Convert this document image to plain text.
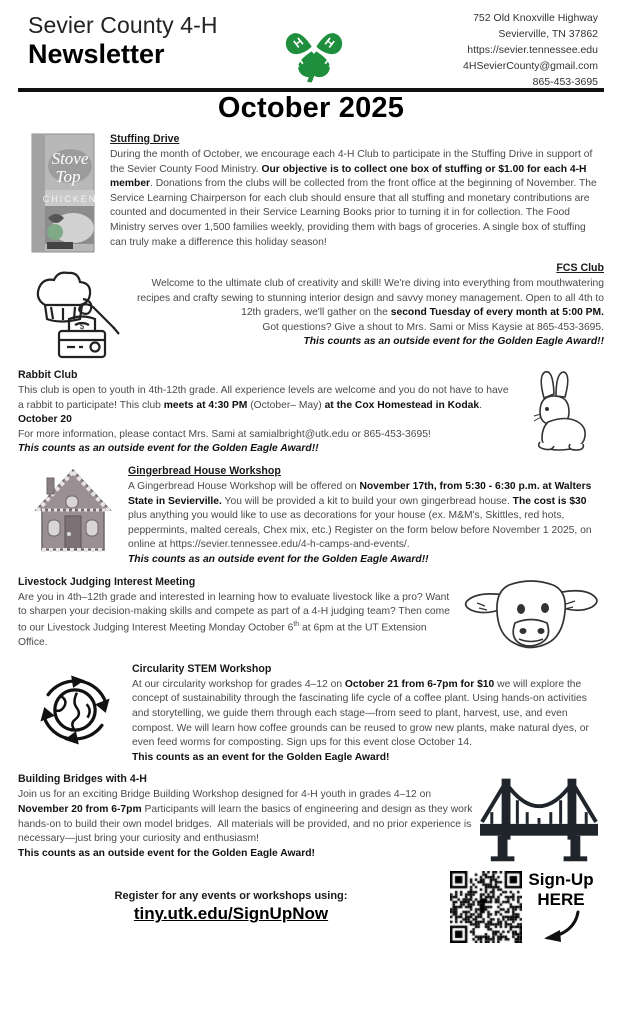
Sevier County 4-H
Newsletter	H H
H H
752 Old Knoxville Highway
Sevierville, TN 37862
https://sevier.tennessee.edu
4HSevierCounty@gmail.com
865-453-3695
October 2025
Stove
Top
CHICKEN
Stuffing Drive

During the month of October, we encourage each 4-H Club to participate in the Stuffing Drive in support of the Sevier County Food Ministry. Our objective is to collect one box of stuffing or $1.00 for each 4-H member. Donations from the clubs will be collected from the front office at the beginning of November. The Service Learning Chairperson for each club should ensure that all stuffing and monetary contributions are counted and documented in their Service Learning Books prior to turning it in for collection. The Food Ministry serves over 1,500 families weekly, providing them with bags of groceries. A single box of stuffing can truly make a difference this holiday season!

$
FCS Club

Welcome to the ultimate club of creativity and skill! We're diving into everything from mouthwatering recipes and crafty sewing to stunning interior design and savvy money management. Open to all 4th to 12th graders, we'll gather on the second Tuesday of every month at 5:00 PM.
Got questions? Give a shout to Mrs. Sami or Miss Kaysie at 865-453-3695.
This counts as an outside event for the Golden Eagle Award!!

Rabbit Club

This club is open to youth in 4th-12th grade. All experience levels are welcome and you do not have to have a rabbit to participate! This club meets at 4:30 PM (October– May) at the Cox Homestead in Kodak. October 20
For more information, please contact Mrs. Sami at samialbright@utk.edu or 865-453-3695!
This counts as an outside event for the Golden Eagle Award!!

Gingerbread House Workshop

A Gingerbread House Workshop will be offered on November 17th, from 5:30 - 6:30 p.m. at Walters State in Sevierville. You will be provided a kit to build your own gingerbread house. The cost is $30  plus anything you would like to use as decorations for your house (ex. M&M's, Skittles, red hots, peppermints, malted cereals, Chex mix, etc.) Register on the form below before November 1 2025, on online at https://sevier.tennessee.edu/4-h-camps-and-events/.
This counts as an outside event for the Golden Eagle Award!!

Livestock Judging Interest Meeting

Are you in 4th–12th grade and interested in learning how to evaluate livestock like a pro? Want to sharpen your decision-making skills and compete as part of a 4-H judging team? Then come to our Livestock Judging Interest Meeting Monday October 6th at 6pm at the UT Extension Office.

Circularity STEM Workshop

At our circularity workshop for grades 4–12 on October 21 from 6-7pm for $10 we will explore the concept of sustainability through the fascinating life cycle of a coffee plant. Using hands-on activities and storytelling, we guide them through each stage—from seed to plant, harvest, use, and even compost. We will learn how coffee grounds can be reused to grow new plants, make natural dyes, or even feed worms for composting. Sign ups for this event close October 14.
This counts as an event for the Golden Eagle Award!

Building Bridges with 4-H

Join us for an exciting Bridge Building Workshop designed for 4-H youth in grades 4–12 on November 20 from 6-7pm Participants will learn the basics of engineering and design as they work hands-on to build their own model bridges.  All materials will be provided, and no prior experience is necessary—just bring your curiosity and enthusiasm!
This counts as an outside event for the Golden Eagle Award!

Register for any events or workshops using:
tiny.utk.edu/SignUpNow
Sign-Up
HERE
